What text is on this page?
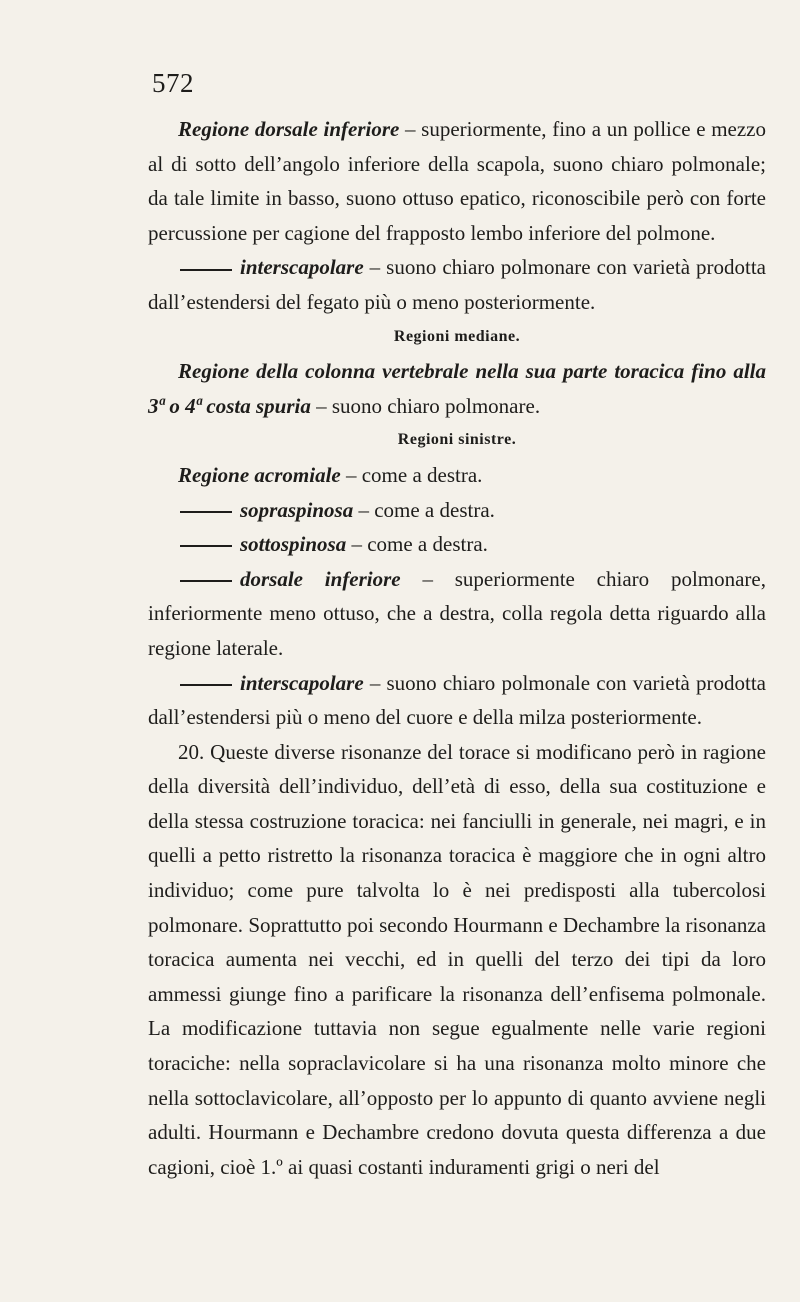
572

Regione dorsale inferiore – superiormente, fino a un pollice e mezzo al di sotto dell’angolo inferiore della scapola, suono chiaro polmonale; da tale limite in basso, suono ottuso epatico, riconoscibile però con forte percussione per cagione del frapposto lembo inferiore del polmone.

interscapolare – suono chiaro polmonare con varietà prodotta dall’estendersi del fegato più o meno posteriormente.

Regioni mediane.

Regione della colonna vertebrale nella sua parte toracica fino alla 3ª o 4ª costa spuria – suono chiaro polmonare.

Regioni sinistre.

Regione acromiale – come a destra.

sopraspinosa – come a destra.

sottospinosa – come a destra.

dorsale inferiore – superiormente chiaro polmonare, inferiormente meno ottuso, che a destra, colla regola detta riguardo alla regione laterale.

interscapolare – suono chiaro polmonale con varietà prodotta dall’estendersi più o meno del cuore e della milza posteriormente.

20. Queste diverse risonanze del torace si modificano però in ragione della diversità dell’individuo, dell’età di esso, della sua costituzione e della stessa costruzione toracica: nei fanciulli in generale, nei magri, e in quelli a petto ristretto la risonanza toracica è maggiore che in ogni altro individuo; come pure talvolta lo è nei predisposti alla tubercolosi polmonare. Soprattutto poi secondo Hourmann e Dechambre la risonanza toracica aumenta nei vecchi, ed in quelli del terzo dei tipi da loro ammessi giunge fino a parificare la risonanza dell’enfisema polmonale. La modificazione tuttavia non segue egualmente nelle varie regioni toraciche: nella sopraclavicolare si ha una risonanza molto minore che nella sottoclavicolare, all’opposto per lo appunto di quanto avviene negli adulti. Hourmann e Dechambre credono dovuta questa differenza a due cagioni, cioè 1.º ai quasi costanti induramenti grigi o neri del
